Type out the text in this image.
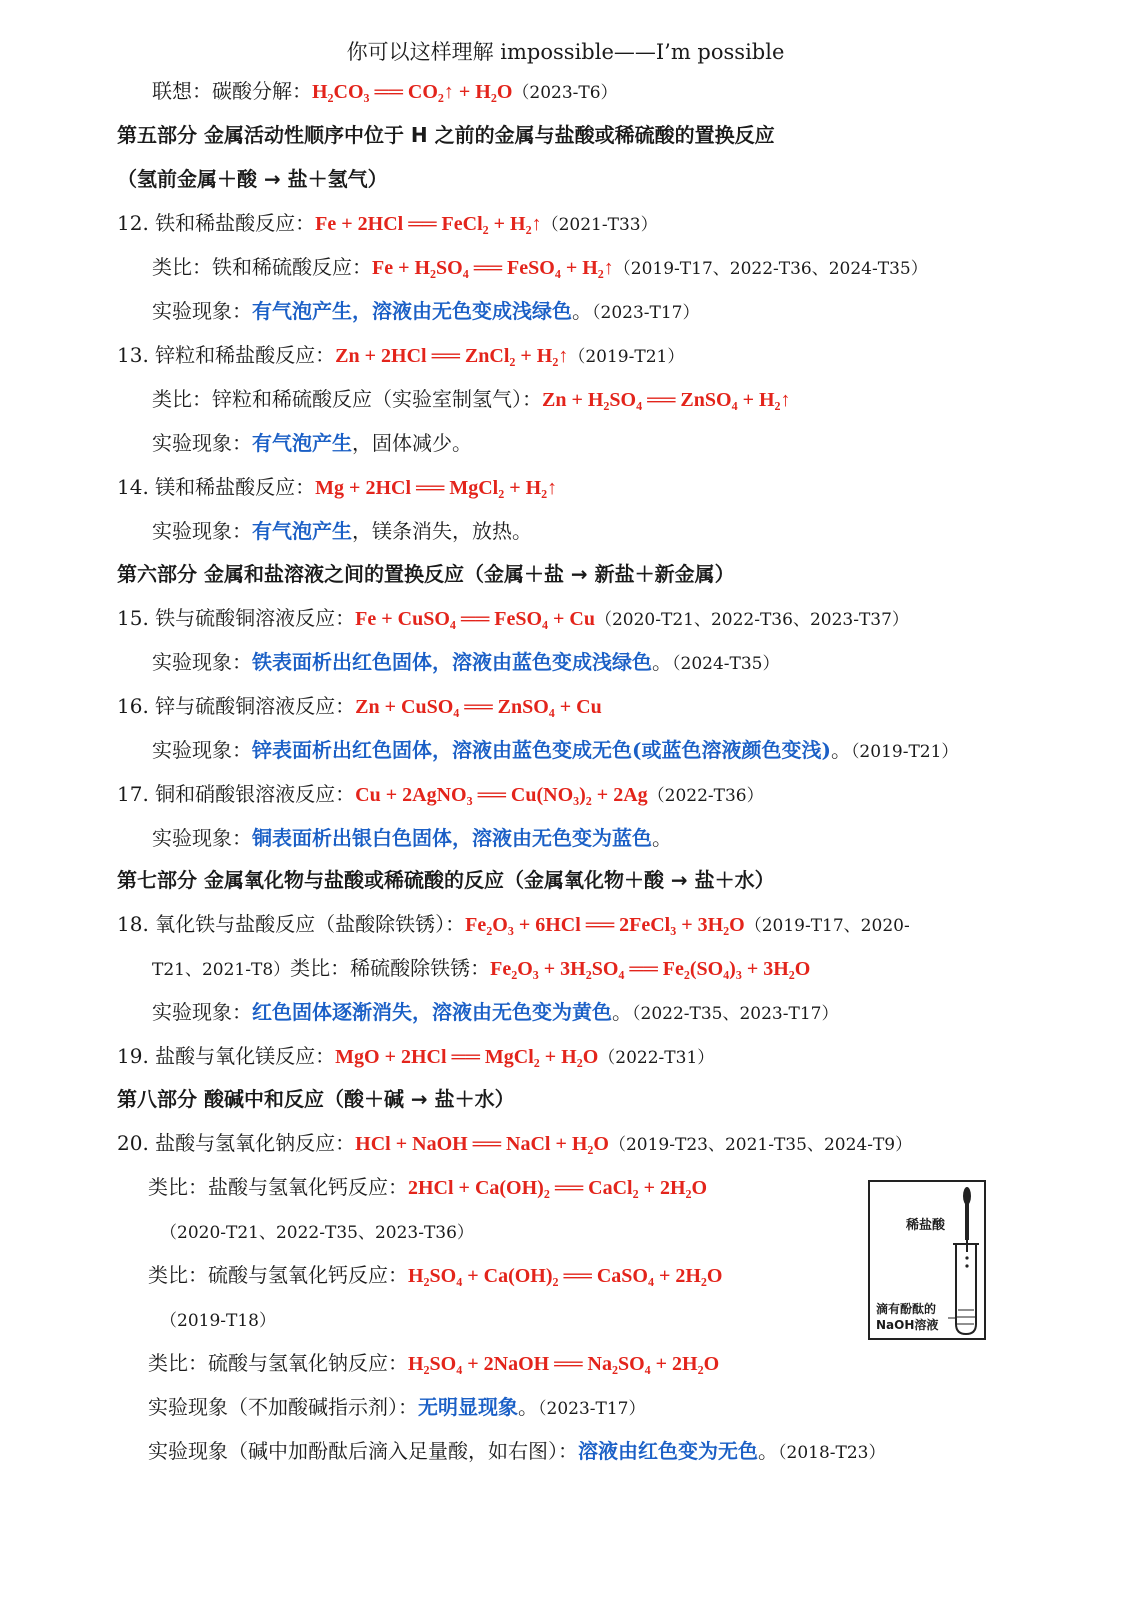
你可以这样理解 impossible——I’m possible
联想：碳酸分解：H₂CO₃ ══ CO₂↑ + H₂O（2023-T6）
第五部分 金属活动性顺序中位于 H 之前的金属与盐酸或稀硫酸的置换反应
（氢前金属＋酸 → 盐＋氢气）
12. 铁和稀盐酸反应：Fe + 2HCl ══ FeCl₂ + H₂↑（2021-T33）
类比：铁和稀硫酸反应：Fe + H₂SO₄ ══ FeSO₄ + H₂↑（2019-T17、2022-T36、2024-T35）
实验现象：有气泡产生，溶液由无色变成浅绿色。（2023-T17）
13. 锌粒和稀盐酸反应：Zn + 2HCl ══ ZnCl₂ + H₂↑（2019-T21）
类比：锌粒和稀硫酸反应（实验室制氢气）：Zn + H₂SO₄ ══ ZnSO₄ + H₂↑
实验现象：有气泡产生，固体减少。
14. 镁和稀盐酸反应：Mg + 2HCl ══ MgCl₂ + H₂↑
实验现象：有气泡产生，镁条消失，放热。
第六部分 金属和盐溶液之间的置换反应（金属＋盐 → 新盐＋新金属）
15. 铁与硫酸铜溶液反应：Fe + CuSO₄ ══ FeSO₄ + Cu（2020-T21、2022-T36、2023-T37）
实验现象：铁表面析出红色固体，溶液由蓝色变成浅绿色。（2024-T35）
16. 锌与硫酸铜溶液反应：Zn + CuSO₄ ══ ZnSO₄ + Cu
实验现象：锌表面析出红色固体，溶液由蓝色变成无色(或蓝色溶液颜色变浅)。（2019-T21）
17. 铜和硝酸银溶液反应：Cu + 2AgNO₃ ══ Cu(NO₃)₂ + 2Ag（2022-T36）
实验现象：铜表面析出银白色固体，溶液由无色变为蓝色。
第七部分 金属氧化物与盐酸或稀硫酸的反应（金属氧化物＋酸 → 盐＋水）
18. 氧化铁与盐酸反应（盐酸除铁锈）：Fe₂O₃ + 6HCl ══ 2FeCl₃ + 3H₂O（2019-T17、2020-
T21、2021-T8）类比：稀硫酸除铁锈：Fe₂O₃ + 3H₂SO₄ ══ Fe₂(SO₄)₃ + 3H₂O
实验现象：红色固体逐渐消失，溶液由无色变为黄色。（2022-T35、2023-T17）
19. 盐酸与氧化镁反应：MgO + 2HCl ══ MgCl₂ + H₂O（2022-T31）
第八部分 酸碱中和反应（酸＋碱 → 盐＋水）
20. 盐酸与氢氧化钠反应：HCl + NaOH ══ NaCl + H₂O（2019-T23、2021-T35、2024-T9）
类比：盐酸与氢氧化钙反应：2HCl + Ca(OH)₂ ══ CaCl₂ + 2H₂O
（2020-T21、2022-T35、2023-T36）
类比：硫酸与氢氧化钙反应：H₂SO₄ + Ca(OH)₂ ══ CaSO₄ + 2H₂O
（2019-T18）
类比：硫酸与氢氧化钠反应：H₂SO₄ + 2NaOH ══ Na₂SO₄ + 2H₂O
实验现象（不加酸碱指示剂）：无明显现象。（2023-T17）
实验现象（碱中加酚酞后滴入足量酸，如右图）：溶液由红色变为无色。（2018-T23）
稀盐酸
滴有酚酞的
NaOH溶液
